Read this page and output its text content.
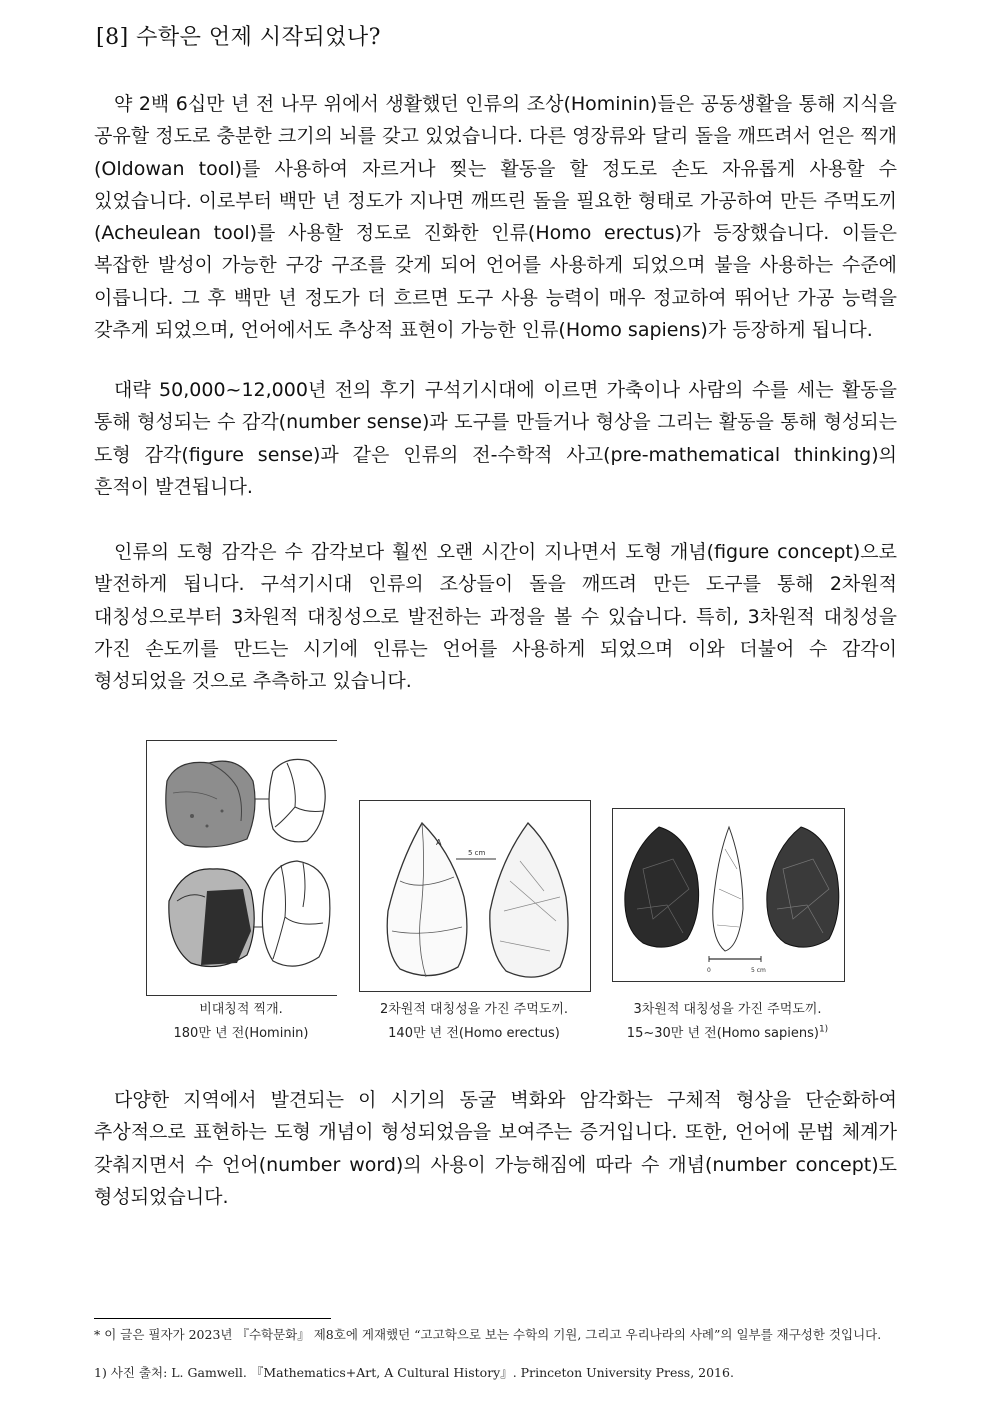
[8] 수학은 언제 시작되었나?

약 2백 6십만 년 전 나무 위에서 생활했던 인류의 조상(Hominin)들은 공동생활을 통해 지식을 공유할 정도로 충분한 크기의 뇌를 갖고 있었습니다. 다른 영장류와 달리 돌을 깨뜨려서 얻은 찍개(Oldowan tool)를 사용하여 자르거나 찢는 활동을 할 정도로 손도 자유롭게 사용할 수 있었습니다. 이로부터 백만 년 정도가 지나면 깨뜨린 돌을 필요한 형태로 가공하여 만든 주먹도끼(Acheulean tool)를 사용할 정도로 진화한 인류(Homo erectus)가 등장했습니다. 이들은 복잡한 발성이 가능한 구강 구조를 갖게 되어 언어를 사용하게 되었으며 불을 사용하는 수준에 이릅니다. 그 후 백만 년 정도가 더 흐르면 도구 사용 능력이 매우 정교하여 뛰어난 가공 능력을 갖추게 되었으며, 언어에서도 추상적 표현이 가능한 인류(Homo sapiens)가 등장하게 됩니다.

대략 50,000~12,000년 전의 후기 구석기시대에 이르면 가축이나 사람의 수를 세는 활동을 통해 형성되는 수 감각(number sense)과 도구를 만들거나 형상을 그리는 활동을 통해 형성되는 도형 감각(figure sense)과 같은 인류의 전-수학적 사고(pre-mathematical thinking)의 흔적이 발견됩니다.

인류의 도형 감각은 수 감각보다 훨씬 오랜 시간이 지나면서 도형 개념(figure concept)으로 발전하게 됩니다. 구석기시대 인류의 조상들이 돌을 깨뜨려 만든 도구를 통해 2차원적 대칭성으로부터 3차원적 대칭성으로 발전하는 과정을 볼 수 있습니다. 특히, 3차원적 대칭성을 가진 손도끼를 만드는 시기에 인류는 언어를 사용하게 되었으며 이와 더불어 수 감각이 형성되었을 것으로 추측하고 있습니다.

A
5 cm
0	5 cm
비대칭적 찍개.
180만 년 전(Hominin)
2차원적 대칭성을 가진 주먹도끼.
140만 년 전(Homo erectus)
3차원적 대칭성을 가진 주먹도끼.
15~30만 년 전(Homo sapiens)$^{1)}$

다양한 지역에서 발견되는 이 시기의 동굴 벽화와 암각화는 구체적 형상을 단순화하여 추상적으로 표현하는 도형 개념이 형성되었음을 보여주는 증거입니다. 또한, 언어에 문법 체계가 갖춰지면서 수 언어(number word)의 사용이 가능해짐에 따라 수 개념(number concept)도 형성되었습니다.

* 이 글은 필자가 2023년 『수학문화』 제8호에 게재했던 “고고학으로 보는 수학의 기원, 그리고 우리나라의 사례”의 일부를 재구성한 것입니다.

1) 사진 출처: L. Gamwell. 『Mathematics+Art, A Cultural History』. Princeton University Press, 2016.
